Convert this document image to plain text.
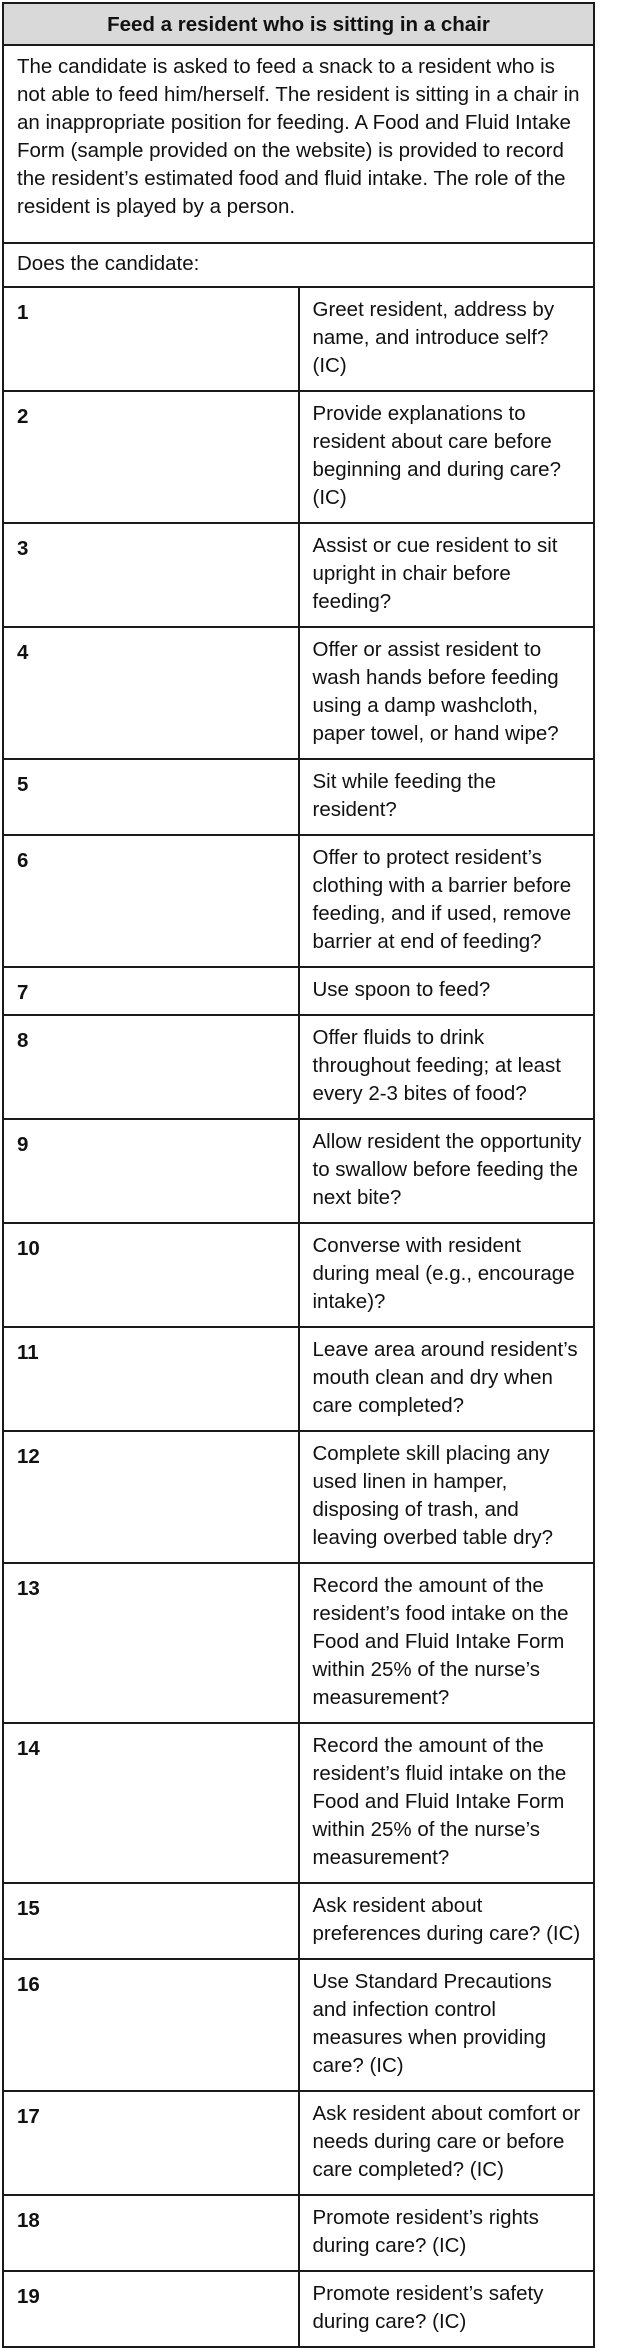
Feed a resident who is sitting in a chair	
The candidate is asked to feed a snack to a resident who is not able to feed him/herself. The resident is sitting in a chair in an inappropriate position for feeding. A Food and Fluid Intake Form (sample provided on the website) is provided to record the resident’s estimated food and fluid intake. The role of the resident is played by a person.	
Does the candidate:	
1	Greet resident, address by name, and introduce self? (IC)
2	Provide explanations to resident about care before beginning and during care? (IC)
3	Assist or cue resident to sit upright in chair before feeding?
4	Offer or assist resident to wash hands before feeding using a damp washcloth, paper towel, or hand wipe?
5	Sit while feeding the resident?
6	Offer to protect resident’s clothing with a barrier before feeding, and if used, remove barrier at end of feeding?
7	Use spoon to feed?
8	Offer fluids to drink throughout feeding; at least every 2-3 bites of food?
9	Allow resident the opportunity to swallow before feeding the next bite?
10	Converse with resident during meal (e.g., encourage intake)?
11	Leave area around resident’s mouth clean and dry when care completed?
12	Complete skill placing any used linen in hamper, disposing of trash, and leaving overbed table dry?
13	Record the amount of the resident’s food intake on the Food and Fluid Intake Form within 25% of the nurse’s measurement?
14	Record the amount of the resident’s fluid intake on the Food and Fluid Intake Form within 25% of the nurse’s measurement?
15	Ask resident about preferences during care? (IC)
16	Use Standard Precautions and infection control measures when providing care? (IC)
17	Ask resident about comfort or needs during care or before care completed? (IC)
18	Promote resident’s rights during care? (IC)
19	Promote resident’s safety during care? (IC)
